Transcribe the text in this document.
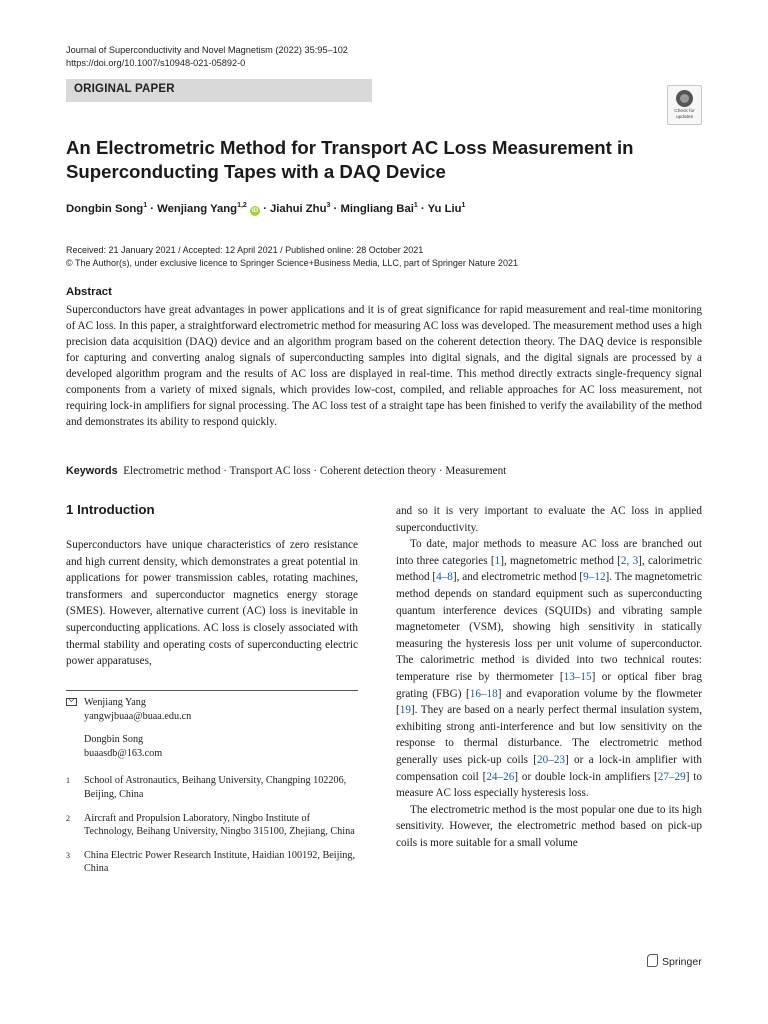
Journal of Superconductivity and Novel Magnetism (2022) 35:95–102
https://doi.org/10.1007/s10948-021-05892-0
ORIGINAL PAPER
Check for updates
An Electrometric Method for Transport AC Loss Measurement in Superconducting Tapes with a DAQ Device
Dongbin Song$^1$ · Wenjiang Yang$^{1,2}$ iD · Jiahui Zhu$^3$ · Mingliang Bai$^1$ · Yu Liu$^1$
Received: 21 January 2021 / Accepted: 12 April 2021 / Published online: 28 October 2021
© The Author(s), under exclusive licence to Springer Science+Business Media, LLC, part of Springer Nature 2021
Abstract
Superconductors have great advantages in power applications and it is of great significance for rapid measurement and real-time monitoring of AC loss. In this paper, a straightforward electrometric method for measuring AC loss was developed. The measurement method uses a high precision data acquisition (DAQ) device and an algorithm program based on the coherent detection theory. The DAQ device is responsible for capturing and converting analog signals of superconducting samples into digital signals, and the digital signals are processed by a developed algorithm program and the results of AC loss are displayed in real-time. This method directly extracts single-frequency signal components from a variety of mixed signals, which provides low-cost, compiled, and reliable approaches for AC loss measurement, not requiring lock-in amplifiers for signal processing. The AC loss test of a straight tape has been finished to verify the availability of the method and demonstrates its ability to respond quickly.
Keywords Electrometric method · Transport AC loss · Coherent detection theory · Measurement
1 Introduction

Superconductors have unique characteristics of zero resistance and high current density, which demonstrates a great potential in applications for power transmission cables, rotating machines, transformers and superconductor magnetics energy storage (SMES). However, alternative current (AC) loss is inevitable in superconducting applications. AC loss is closely associated with thermal stability and operating costs of superconducting electric power apparatuses,

Wenjiang Yang
yangwjbuaa@buaa.edu.cn
Dongbin Song
buaasdb@163.com
1 School of Astronautics, Beihang University, Changping 102206, Beijing, China
2 Aircraft and Propulsion Laboratory, Ningbo Institute of Technology, Beihang University, Ningbo 315100, Zhejiang, China
3 China Electric Power Research Institute, Haidian 100192, Beijing, China

and so it is very important to evaluate the AC loss in applied superconductivity.

To date, major methods to measure AC loss are branched out into three categories [1], magnetometric method [2, 3], calorimetric method [4–8], and electrometric method [9–12]. The magnetometric method depends on standard equipment such as superconducting quantum interference devices (SQUIDs) and vibrating sample magnetometer (VSM), showing high sensitivity in statically measuring the hysteresis loss per unit volume of superconductor. The calorimetric method is divided into two technical routes: temperature rise by thermometer [13–15] or optical fiber brag grating (FBG) [16–18] and evaporation volume by the flowmeter [19]. They are based on a nearly perfect thermal insulation system, exhibiting strong anti-interference and but low sensitivity on the response to thermal disturbance. The electrometric method generally uses pick-up coils [20–23] or a lock-in amplifier with compensation coil [24–26] or double lock-in amplifiers [27–29] to measure AC loss especially hysteresis loss.

The electrometric method is the most popular one due to its high sensitivity. However, the electrometric method based on pick-up coils is more suitable for a small volume

Springer
